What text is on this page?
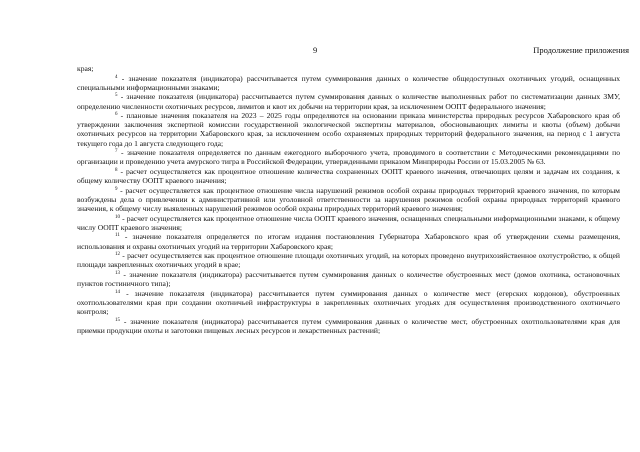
9	Продолжение приложения

края;

$^4$ - значение показателя (индикатора) рассчитывается путем суммирования данных о количестве общедоступных охотничьих угодий, оснащенных специальными информационными знаками;

$^5$ - значение показателя (индикатора) рассчитывается путем суммирования данных о количестве выполненных работ по систематизации данных ЗМУ, определению численности охотничьих ресурсов, лимитов и квот их добычи на территории края, за исключением ООПТ федерального значения;

$^6$ - плановые значения показателя на 2023 – 2025 годы определяются на основании приказа министерства природных ресурсов Хабаровского края об утверждении заключения экспертной комиссии государственной экологической экспертизы материалов, обосновывающих лимиты и квоты (объем) добычи охотничьих ресурсов на территории Хабаровского края, за исключением особо охраняемых природных территорий федерального значения, на период с 1 августа текущего года до 1 августа следующего года;

$^7$ - значение показателя определяется по данным ежегодного выборочного учета, проводимого в соответствии с Методическими рекомендациями по организации и проведению учета амурского тигра в Российской Федерации, утвержденными приказом Минприроды России от 15.03.2005 № 63.

$^8$ - расчет осуществляется как процентное отношение количества сохраненных ООПТ краевого значения, отвечающих целям и задачам их создания, к общему количеству ООПТ краевого значения;

$^9$ - расчет осуществляется как процентное отношение числа нарушений режимов особой охраны природных территорий краевого значения, по которым возбуждены дела о привлечении к административной или уголовной ответственности за нарушения режимов особой охраны природных территорий краевого значения, к общему числу выявленных нарушений режимов особой охраны природных территорий краевого значения;

$^{10}$ - расчет осуществляется как процентное отношение числа ООПТ краевого значения, оснащенных специальными информационными знаками, к общему числу ООПТ краевого значения;

$^{11}$ - значение показателя определяется по итогам издания постановления Губернатора Хабаровского края об утверждении схемы размещения, использования и охраны охотничьих угодий на территории Хабаровского края;

$^{12}$ - расчет осуществляется как процентное отношение площади охотничьих угодий, на которых проведено внутрихозяйственное охотустройство, к общей площади закрепленных охотничьих угодий в крае;

$^{13}$ - значение показателя (индикатора) рассчитывается путем суммирования данных о количестве обустроенных мест (домов охотника, остановочных пунктов гостиничного типа);

$^{14}$ - значение показателя (индикатора) рассчитывается путем суммирования данных о количестве мест (егерских кордонов), обустроенных охотпользователями края при создании охотничьей инфраструктуры в закрепленных охотничьих угодьях для осуществления производственного охотничьего контроля;

$^{15}$ - значение показателя (индикатора) рассчитывается путем суммирования данных о количестве мест, обустроенных охотпользователями края для приемки продукции охоты и заготовки пищевых лесных ресурсов и лекарственных растений;
